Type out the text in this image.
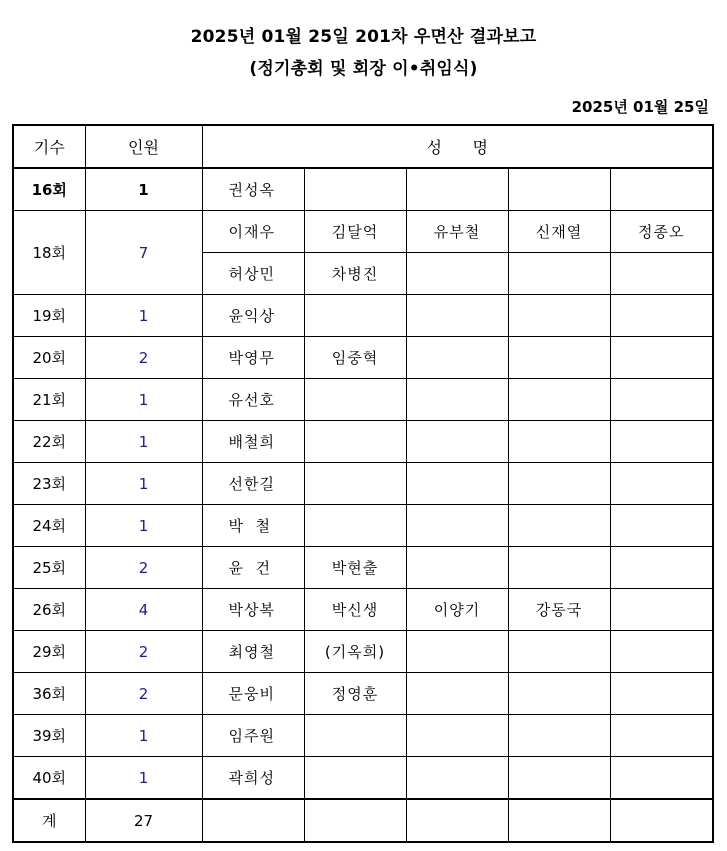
2025년 01월 25일 201차 우면산 결과보고
(정기총회 및 회장 이•취임식)
2025년 01월 25일
기수	인원	성      명				
16회	1	권성옥				
18회	7	이재우	김달억	유부철	신재열	정종오
		허상민	차병진			
19회	1	윤익상				
20회	2	박영무	임중혁			
21회	1	유선호				
22회	1	배철희				
23회	1	선한길				
24회	1	박  철				
25회	2	윤  건	박현출			
26회	4	박상복	박신생	이양기	강동국	
29회	2	최영철	(기옥희)			
36회	2	문웅비	정영훈			
39회	1	임주원				
40회	1	곽희성				
계	27					
